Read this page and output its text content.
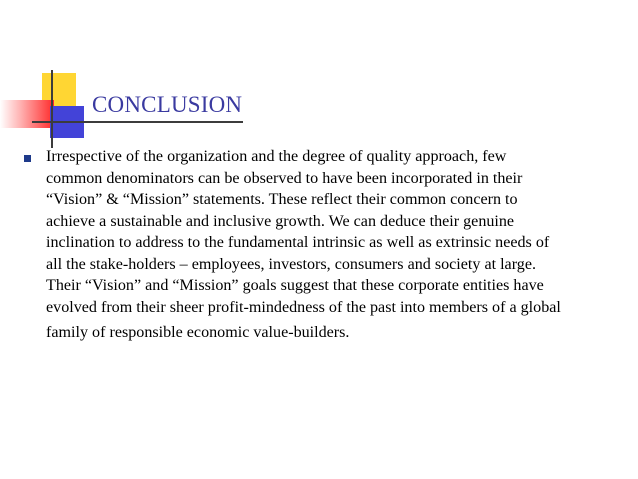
CONCLUSION

Irrespective of the organization and the degree of quality approach, few
common denominators can be observed to have been incorporated in their
“Vision” & “Mission” statements. These reflect their common concern to
achieve a sustainable and inclusive growth. We can deduce their genuine
inclination to address to the fundamental intrinsic as well as extrinsic needs of
all the stake-holders – employees, investors, consumers and society at large.
Their “Vision” and “Mission” goals suggest that these corporate entities have
evolved from their sheer profit-mindedness of the past into members of a global
family of responsible economic value-builders.
